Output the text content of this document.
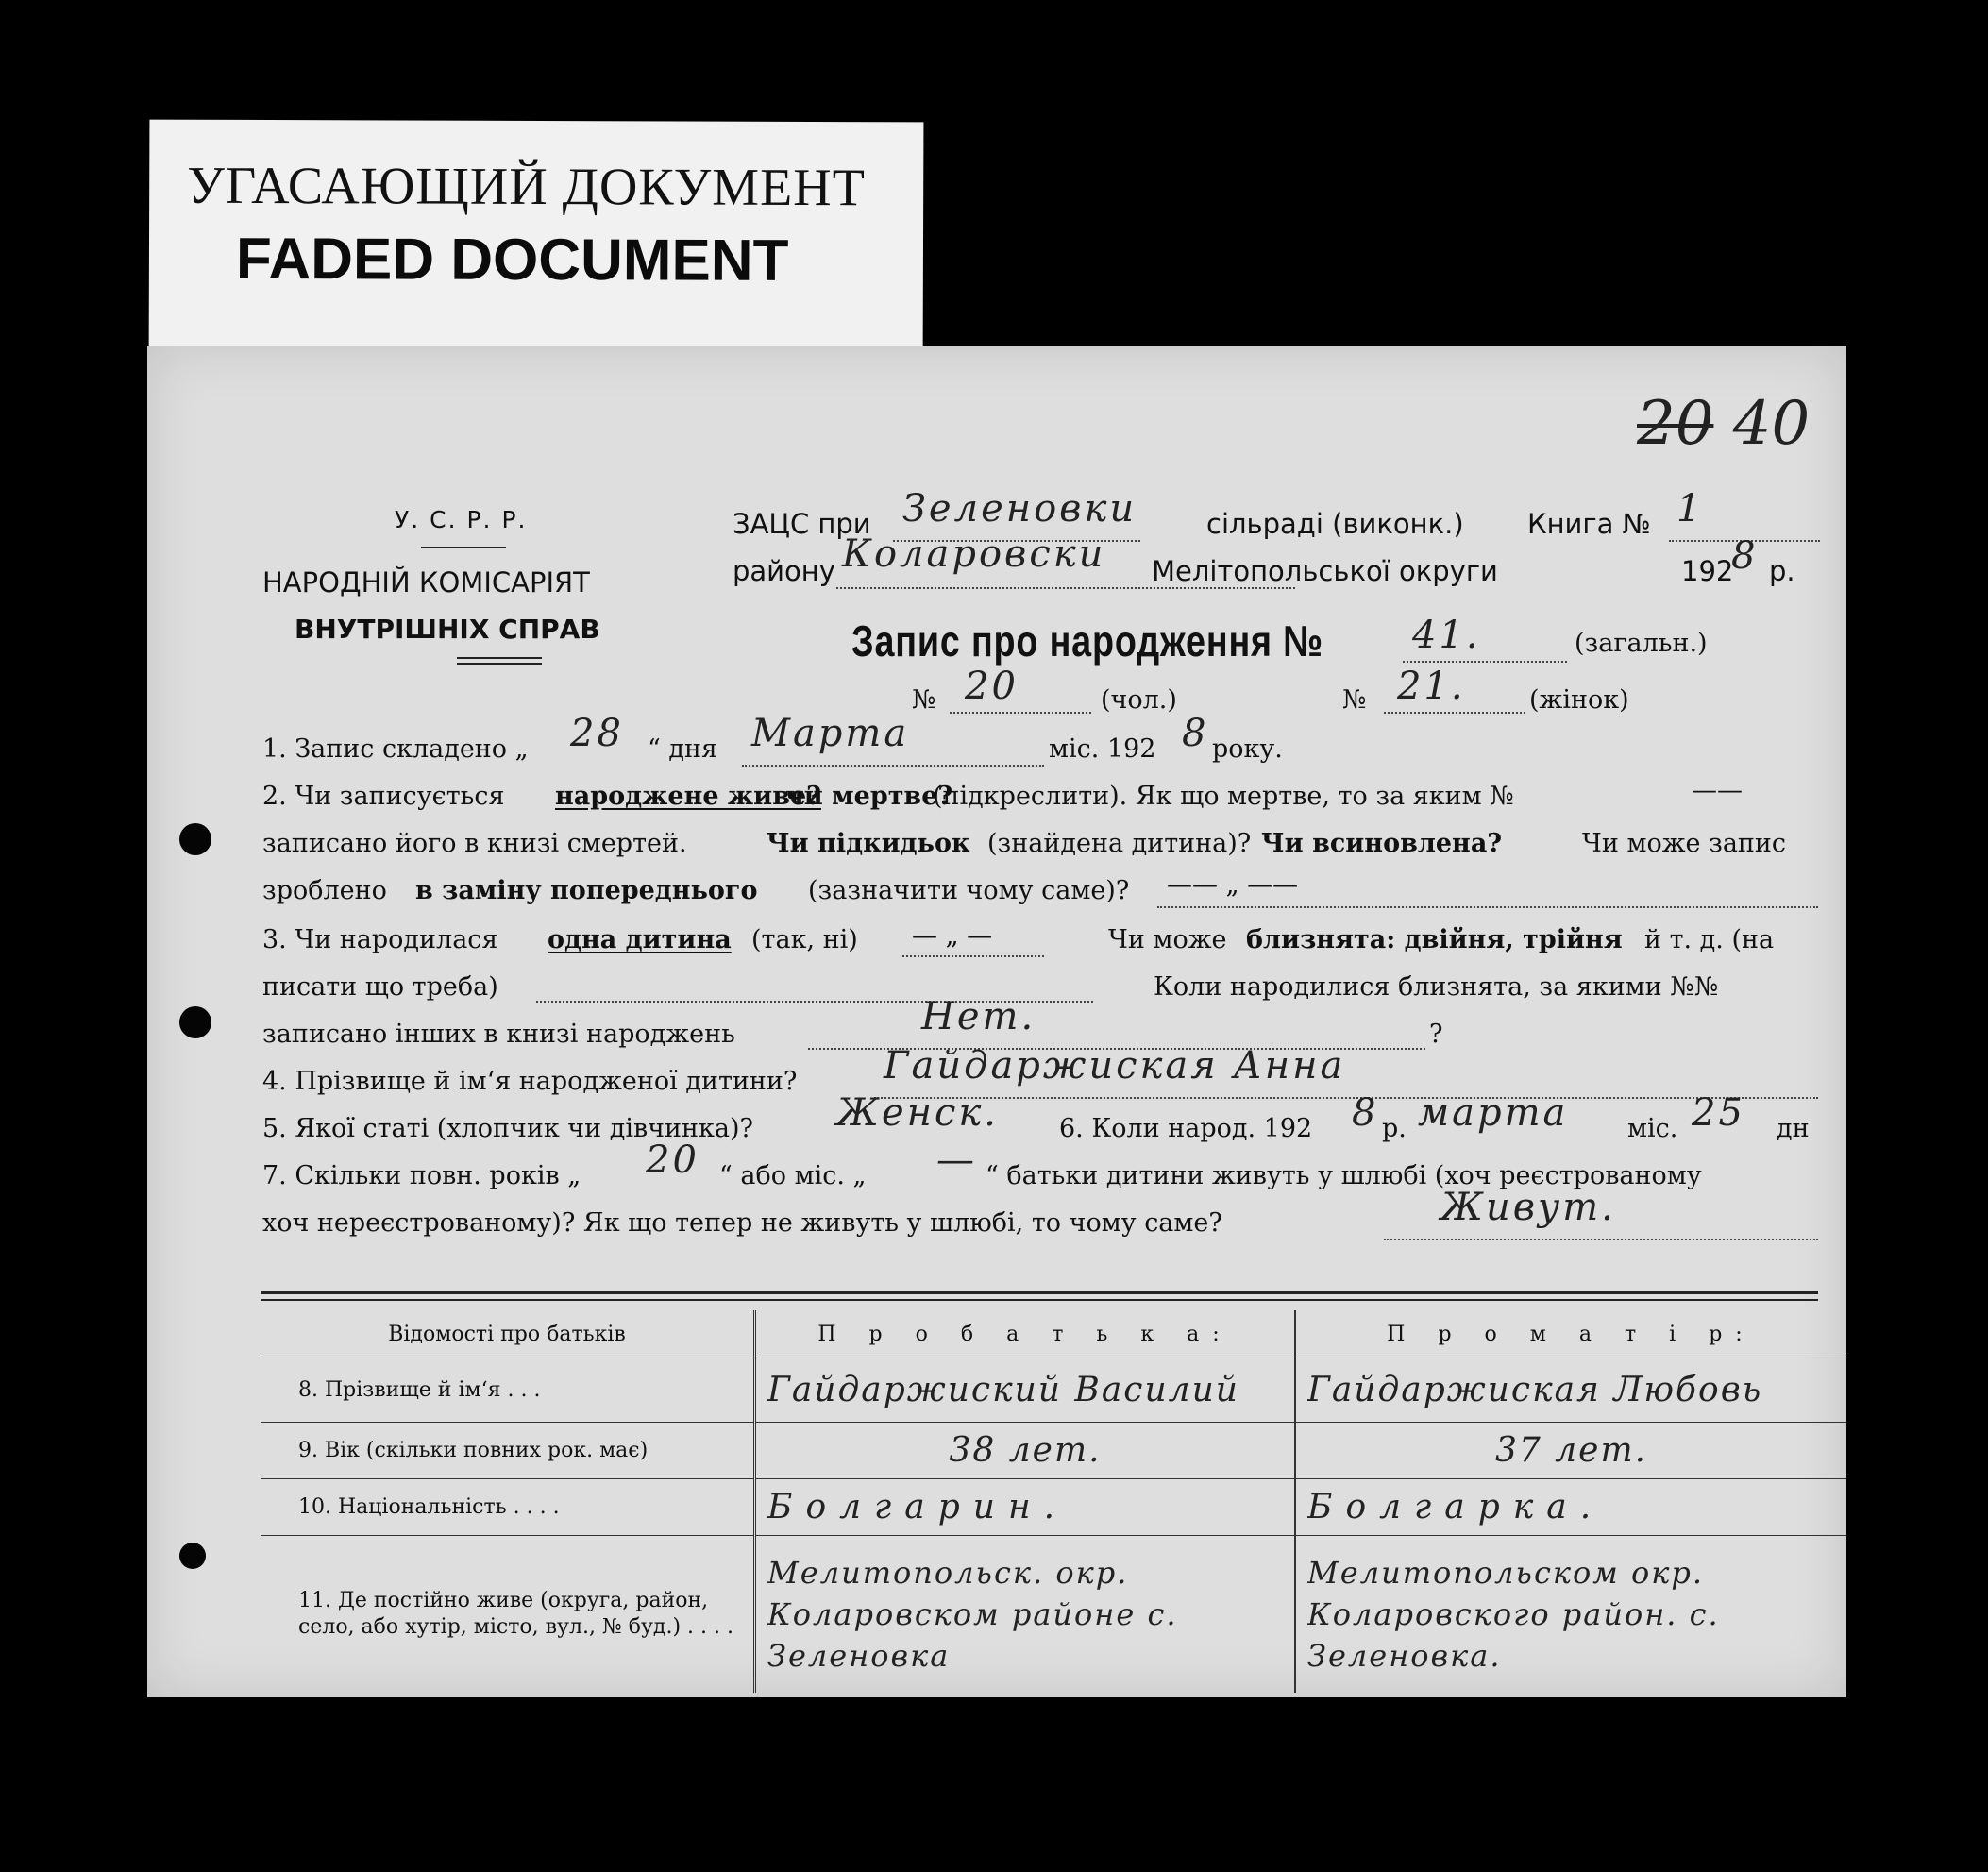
УГАСАЮЩИЙ ДОКУМЕНТ
FADED DOCUMENT
20 40
У. С. Р. Р.
НАРОДНІЙ КОМІСАРІЯТ
ВНУТРІШНІХ СПРАВ
ЗАЦС при Зеленовки	сільраді (виконк.) Книга № 1
району Коларовски Мелітопольської округи	192
8 р.
Запис про народження № 41.	(загальн.)
№ 20	(чол.)	№ 21. (жінок)
1. Запис складено „ 28 “ дня Марта	міс. 192 8 року.
2. Чи записується народжене живе?
чи мертве?
(підкреслити). Як що мертве, то за яким №	——
записано його в книзі смертей.	Чи підкидьок (знайдена дитина)? Чи всиновлена?	Чи може запис
зроблено в заміну попереднього (зазначити чому саме)? —— „ ——
3. Чи народилася одна дитина (так, ні) — „ —	Чи може близнята: двійня, трійня й т. д. (на
писати що треба)	Коли народилися близнята, за якими №№
записано інших в книзі народжень	Нет.	?
4. Прізвище й ім‘я народженої дитини? Гайдаржиская Анна
5. Якої статі (хлопчик чи дівчинка)? Женск. 6. Коли народ. 192 8 р. марта міс. 25 дн
7. Скільки повн. років „ 20 “ або міс. „ — “ батьки дитини живуть у шлюбі (хоч реєстрованому
хоч нереєстрованому)? Як що тепер не живуть у шлюбі, то чому саме?	Живут.
Відомості про батьків	П р о б а т ь к а:	П р о м а т і р:
8. Прізвище й ім‘я . . .	Гайдаржиский Василий	Гайдаржиская Любовь

9. Вік (скільки повних рок. має)	38 лет.	37 лет.

10. Національність . . . .	Болгарин.	Болгарка.

11. Де постійно живе (округа, район, село, або хутір, місто, вул., № буд.) . . . .	Мелитопольск. окр. Коларовском районе с. Зеленовка	Мелитопольском окр. Коларовского район. с. Зеленовка.
